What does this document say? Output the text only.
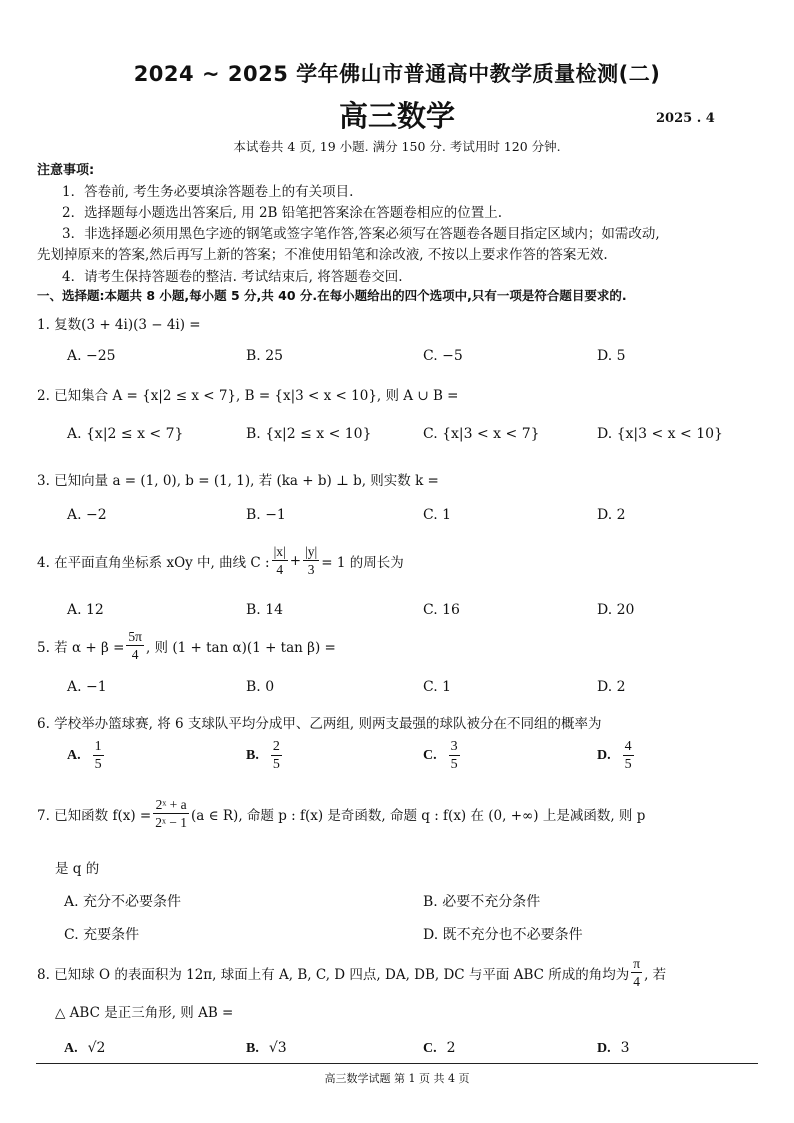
2024 ~ 2025 学年佛山市普通高中教学质量检测(二)
高三数学	2025 . 4
本试卷共 4 页, 19 小题. 满分 150 分. 考试用时 120 分钟.
注意事项:
1．答卷前, 考生务必要填涂答题卷上的有关项目.
2．选择题每小题选出答案后, 用 2B 铅笔把答案涂在答题卷相应的位置上.
3．非选择题必须用黑色字迹的钢笔或签字笔作答,答案必须写在答题卷各题目指定区域内；如需改动,
先划掉原来的答案,然后再写上新的答案；不准使用铅笔和涂改液, 不按以上要求作答的答案无效.
4．请考生保持答题卷的整洁. 考试结束后, 将答题卷交回.
一、选择题:本题共 8 小题,每小题 5 分,共 40 分.在每小题给出的四个选项中,只有一项是符合题目要求的.
1. 复数(3 + 4i)(3 − 4i) =
A. −25	B. 25	C. −5	D. 5
2. 已知集合 A = {x|2 ≤ x < 7}, B = {x|3 < x < 10}, 则 A ∪ B =
A. {x|2 ≤ x < 7}	B. {x|2 ≤ x < 10}	C. {x|3 < x < 7}	D. {x|3 < x < 10}
3. 已知向量 a = (1, 0), b = (1, 1), 若 (ka + b) ⊥ b, 则实数 k =
A. −2	B. −1	C. 1	D. 2
4. 在平面直角坐标系 xOy 中, 曲线 C : $\frac{|x|}{4} + \frac{|y|}{3} = 1$ 的周长为
A. 12	B. 14	C. 16	D. 20
5. 若 $\alpha + \beta = \frac{5\pi}{4}$ , 则 (1 + tan α)(1 + tan β) =
A. −1	B. 0	C. 1	D. 2
6. 学校举办篮球赛, 将 6 支球队平均分成甲、乙两组, 则两支最强的球队被分在不同组的概率为
A. $\frac{1}{5}$	B. $\frac{2}{5}$	C. $\frac{3}{5}$	D. $\frac{4}{5}$
7. 已知函数 $f(x) = \frac{\text{2ˣ + a}}{\text{2ˣ − 1}} (a$ ∈ R), 命题 p : f(x) 是奇函数, 命题 q : f(x) 在 (0, +∞) 上是减函数, 则 p
是 q 的
A. 充分不必要条件	B. 必要不充分条件
C. 充要条件	D. 既不充分也不必要条件
8. 已知球 O 的表面积为 12π, 球面上有 A, B, C, D 四点, DA, DB, DC 与平面 ABC 所成的角均为 $\frac{\pi}{4}$ , 若
△ ABC 是正三角形, 则 AB =
A. √2	B. √3	C. 2	D. 3
高三数学试题 第 1 页 共 4 页
